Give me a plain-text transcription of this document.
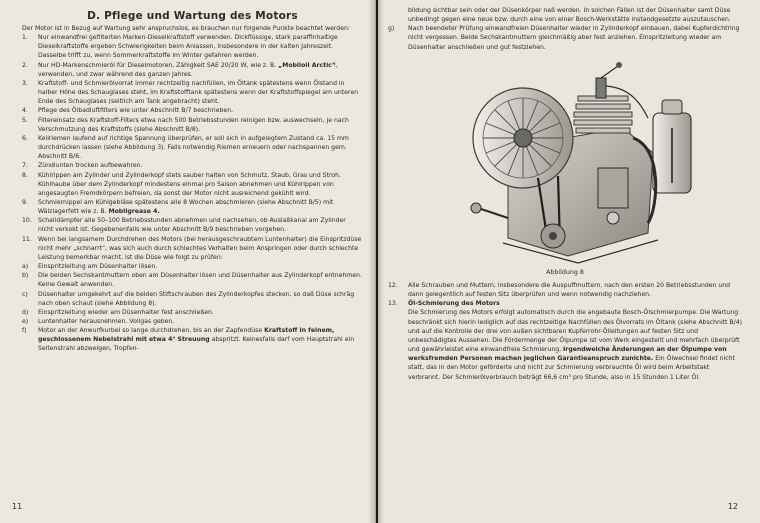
D. Pflege und Wartung des Motors

Der Motor ist in Bezug auf Wartung sehr anspruchslos, es brauchen nur folgende Punkte beachtet werden:

1.	Nur einwandfrei gefilterten Marken-Dieselkraftstoff verwenden. Dickflüssige, stark paraffinhaltige Dieselkraftstoffe ergeben Schwierigkeiten beim Anlassen, insbesondere in der kalten Jahreszeit. Dasselbe trifft zu, wenn Sommerkraftstoffe im Winter gefahren werden.
2.	Nur HD-Markenschmieröl für Dieselmotoren, Zähigkeit SAE 20/20 W, wie z. B. „Mobiloil Arctic“, verwenden, und zwar während des ganzen Jahres.
3.	Kraftstoff- und Schmierölvorrat immer rechtzeitig nachfüllen, im Öltank spätestens wenn Ölstand in halber Höhe des Schauglases steht, im Kraftstofftank spätestens wenn der Kraftstoffspiegel am unteren Ende des Schauglases (seitlich am Tank angebracht) steht.
4.	Pflege des Ölbadluftfilters wie unter Abschnitt B/7 beschrieben.
5.	Filtereinsatz des Kraftstoff-Filters etwa nach 500 Betriebsstunden reinigen bzw. auswechseln, je nach Verschmutzung des Kraftstoffs (siehe Abschnitt B/8).
6.	Keilriemen laufend auf richtige Spannung überprüfen, er soll sich in aufgelegtem Zustand ca. 15 mm durchdrücken lassen (siehe Abbildung 3). Falls notwendig Riemen erneuern oder nachspannen gem. Abschnitt B/6.
7.	Zündlunten trocken aufbewahren.
8.	Kühlrippen am Zylinder und Zylinderkopf stets sauber halten von Schmutz, Staub, Gras und Stroh. Kühlhaube über dem Zylinderkopf mindestens einmal pro Saison abnehmen und Kühlrippen von angesaugten Fremdkörpern befreien, da sonst der Motor nicht ausreichend gekühlt wird.
9.	Schmiernippel am Kühlgebläse spätestens alle 8 Wochen abschmieren (siehe Abschnitt B/5) mit Wälzlagerfett wie z. B. Mobilgrease 4.
10.	Schalldämpfer alle 50–100 Betriebsstunden abnehmen und nachsehen, ob Auslaßkanal am Zylinder nicht verkokt ist. Gegebenenfalls wie unter Abschnitt B/9 beschrieben vorgehen.
11.	Wenn bei langsamem Durchdrehen des Motors (bei herausgeschraubtem Luntenhalter) die Einspritzdüse nicht mehr „schnarrt“, was sich auch durch schlechtes Verhalten beim Anspringen oder durch schlechte Leistung bemerkbar macht, ist die Düse wie folgt zu prüfen:
a) Einspritzleitung am Düsenhalter lösen.
b) Die beiden Sechskantmuttern oben am Düsenhalter lösen und Düsenhalter aus Zylinderkopf entnehmen. Keine Gewalt anwenden.
c) Düsenhalter umgekehrt auf die beiden Stiftschrauben des Zylinderkopfes stecken, so daß Düse schräg nach oben schaut (siehe Abbildung 8).
d) Einspritzleitung wieder am Düsenhalter fest anschließen.
e) Luntenhalter herausnehmen. Vollgas geben.
f) Motor an der Anwurfkurbel so lange durchdrehen, bis an der Zapfendüse Kraftstoff in feinem, geschlossenem Nebelstrahl mit etwa 4° Streuung abspritzt. Keinesfalls darf vom Hauptstrahl ein Seitenstrahl abzweigen, Tropfen-
11

bildung sichtbar sein oder der Düsenkörper naß werden. In solchen Fällen ist der Düsenhalter samt Düse unbedingt gegen eine neue bzw. durch eine von einer Bosch-Werkstätte instandgesetzte auszutauschen.

g) Nach beendeter Prüfung einwandfreien Düsenhalter wieder in Zylinderkopf einbauen, dabei Kupferdichtring nicht vergessen. Beide Sechskantmuttern gleichmäßig aber fest anziehen. Einspritzleitung wieder am Düsenhalter anschließen und gut festziehen.

Abbildung 8

12.	Alle Schrauben und Muttern, insbesondere die Auspuffmuttern, nach den ersten 20 Betriebsstunden und dann gelegentlich auf festen Sitz überprüfen und wenn notwendig nachziehen.
13.	Öl-Schmierung des Motors
Die Schmierung des Motors erfolgt automatisch durch die angebaute Bosch-Ölschmierpumpe. Die Wartung beschränkt sich hierin lediglich auf das rechtzeitige Nachfüllen des Ölvorrats im Öltank (siehe Abschnitt B/4) und auf die Kontrolle der drei von außen sichtbaren Kupferrohr-Ölleitungen auf festen Sitz und unbeschädigtes Aussehen. Die Fördermenge der Ölpumpe ist vom Werk eingestellt und mehrfach überprüft und gewährleistet eine einwandfreie Schmierung. Irgendwelche Änderungen an der Ölpumpe von werksfremden Personen machen jeglichen Garantieanspruch zunichte. Ein Ölwechsel findet nicht statt, das in den Motor geförderte und nicht zur Schmierung verbrauchte Öl wird beim Arbeitstakt verbrannt. Der Schmierölverbrauch beträgt 66,6 cm³ pro Stunde, also in 15 Stunden 1 Liter Öl.
12
